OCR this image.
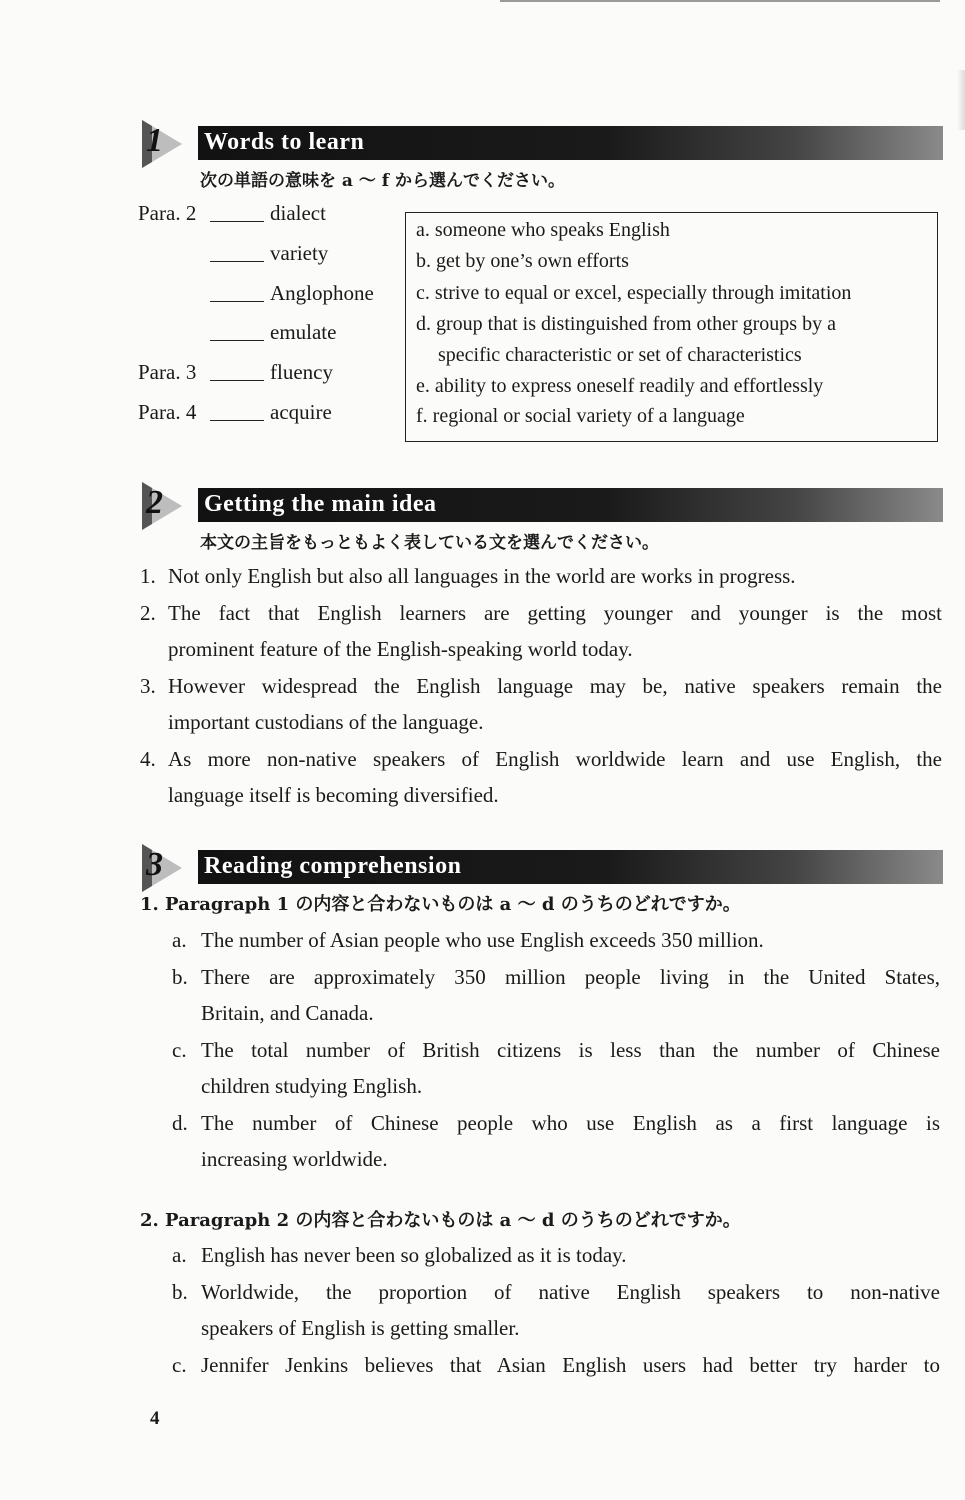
1 Words to learn
次の単語の意味を a ～ f から選んでください。
Para. 2	dialect
variety
Anglophone
emulate
Para. 3	fluency
Para. 4	acquire
a. someone who speaks English
b. get by one’s own efforts
c. strive to equal or excel, especially through imitation
d. group that is distinguished from other groups by a
specific characteristic or set of characteristics
e. ability to express oneself readily and effortlessly
f. regional or social variety of a language
2 Getting the main idea
本文の主旨をもっともよく表している文を選んでください。
1. Not only English but also all languages in the world are works in progress.
2. The fact that English learners are getting younger and younger is the most
prominent feature of the English-speaking world today.
3. However widespread the English language may be, native speakers remain the
important custodians of the language.
4. As more non-native speakers of English worldwide learn and use English, the
language itself is becoming diversified.
3 Reading comprehension
1. Paragraph 1 の内容と合わないものは a ～ d のうちのどれですか。
a. The number of Asian people who use English exceeds 350 million.
b. There are approximately 350 million people living in the United States,
Britain, and Canada.
c. The total number of British citizens is less than the number of Chinese
children studying English.
d. The number of Chinese people who use English as a first language is
increasing worldwide.
2. Paragraph 2 の内容と合わないものは a ～ d のうちのどれですか。
a. English has never been so globalized as it is today.
b. Worldwide, the proportion of native English speakers to non-native
speakers of English is getting smaller.
c. Jennifer Jenkins believes that Asian English users had better try harder to
4
